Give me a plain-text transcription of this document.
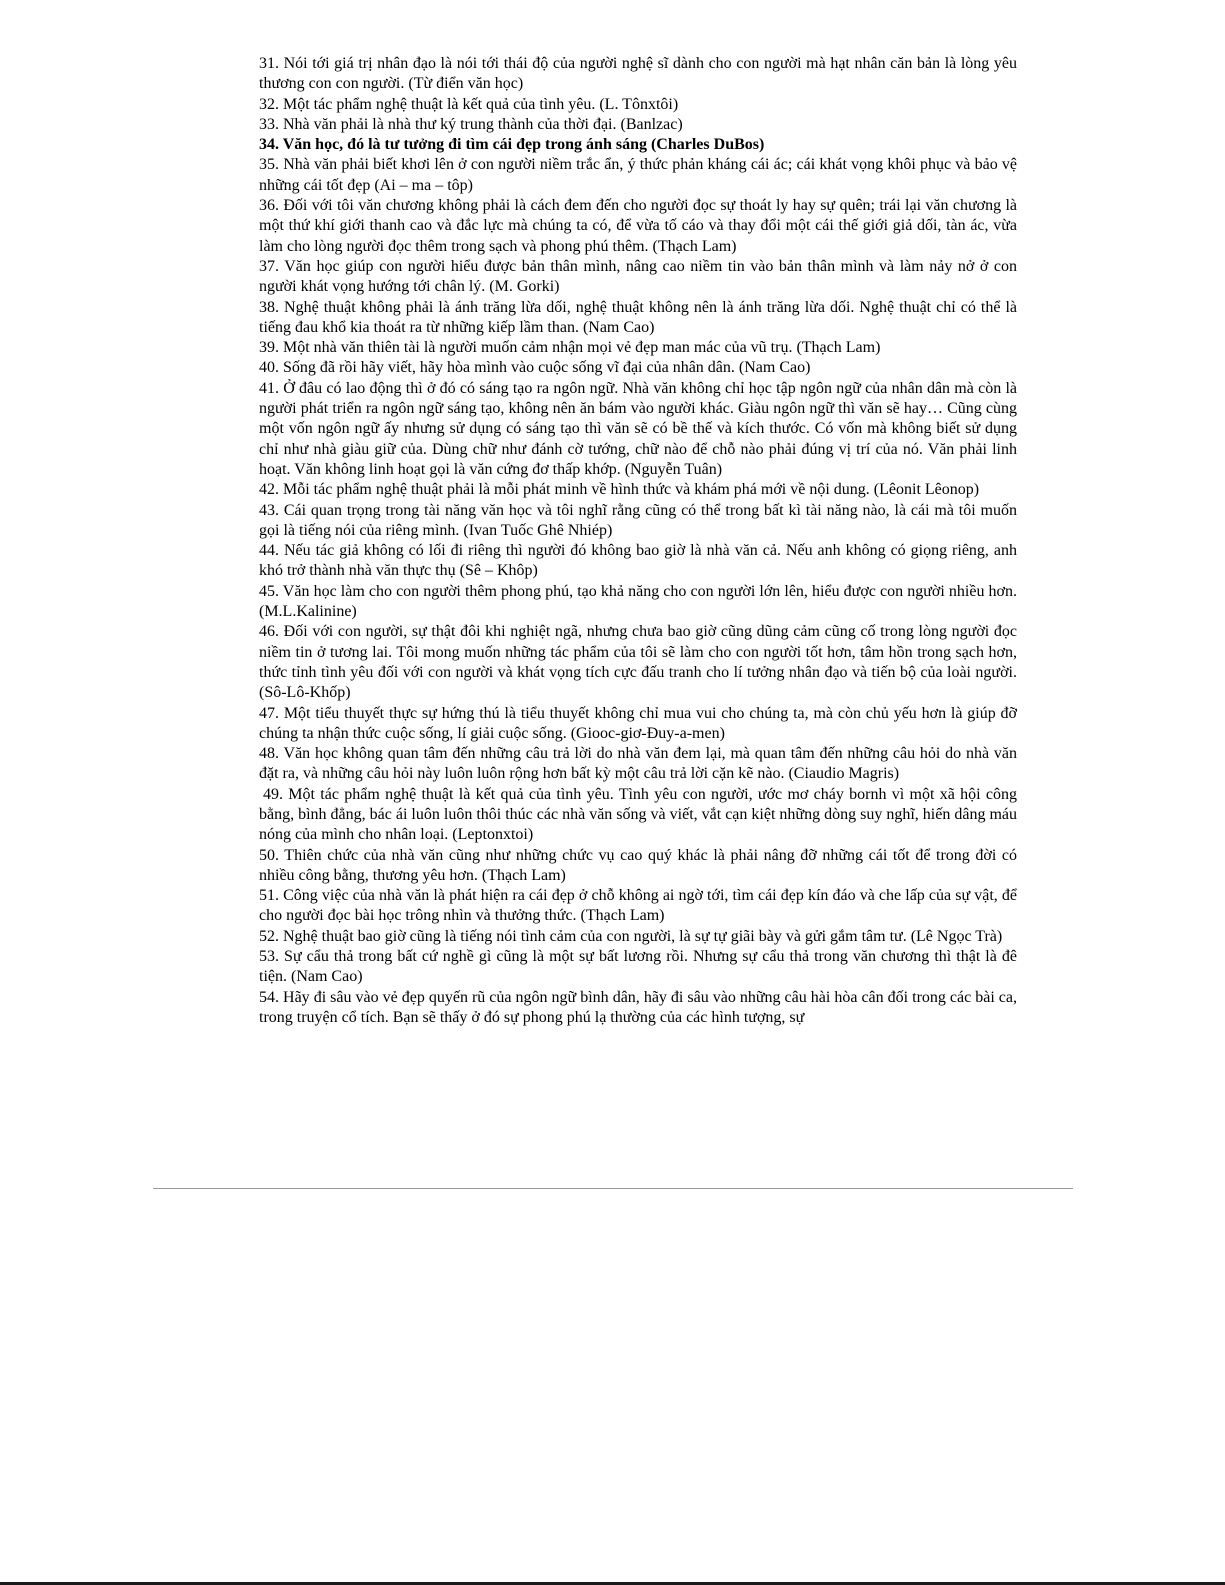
31. Nói tới giá trị nhân đạo là nói tới thái độ của người nghệ sĩ dành cho con người mà hạt nhân căn bản là lòng yêu thương con con người. (Từ điển văn học)

32. Một tác phẩm nghệ thuật là kết quả của tình yêu. (L. Tônxtôi)

33. Nhà văn phải là nhà thư ký trung thành của thời đại. (Banlzac)

34. Văn học, đó là tư tưởng đi tìm cái đẹp trong ánh sáng (Charles DuBos)

35. Nhà văn phải biết khơi lên ở con người niềm trắc ẩn, ý thức phản kháng cái ác; cái khát vọng khôi phục và bảo vệ những cái tốt đẹp (Ai – ma – tôp)

36. Đối với tôi văn chương không phải là cách đem đến cho người đọc sự thoát ly hay sự quên; trái lại văn chương là một thứ khí giới thanh cao và đắc lực mà chúng ta có, để vừa tố cáo và thay đổi một cái thế giới giả dối, tàn ác, vừa làm cho lòng người đọc thêm trong sạch và phong phú thêm. (Thạch Lam)

37. Văn học giúp con người hiểu được bản thân mình, nâng cao niềm tin vào bản thân mình và làm nảy nở ở con người khát vọng hướng tới chân lý. (M. Gorki)

38. Nghệ thuật không phải là ánh trăng lừa dối, nghệ thuật không nên là ánh trăng lừa dối. Nghệ thuật chỉ có thể là tiếng đau khổ kia thoát ra từ những kiếp lầm than. (Nam Cao)

39. Một nhà văn thiên tài là người muốn cảm nhận mọi vẻ đẹp man mác của vũ trụ. (Thạch Lam)

40. Sống đã rồi hãy viết, hãy hòa mình vào cuộc sống vĩ đại của nhân dân. (Nam Cao)

41. Ở đâu có lao động thì ở đó có sáng tạo ra ngôn ngữ. Nhà văn không chỉ học tập ngôn ngữ của nhân dân mà còn là người phát triển ra ngôn ngữ sáng tạo, không nên ăn bám vào người khác. Giàu ngôn ngữ thì văn sẽ hay… Cũng cùng một vốn ngôn ngữ ấy nhưng sử dụng có sáng tạo thì văn sẽ có bề thế và kích thước. Có vốn mà không biết sử dụng chỉ như nhà giàu giữ của. Dùng chữ như đánh cờ tướng, chữ nào để chỗ nào phải đúng vị trí của nó. Văn phải linh hoạt. Văn không linh hoạt gọi là văn cứng đơ thấp khớp. (Nguyễn Tuân)

42. Mỗi tác phẩm nghệ thuật phải là mỗi phát minh về hình thức và khám phá mới về nội dung. (Lêonit Lêonop)

43. Cái quan trọng trong tài năng văn học và tôi nghĩ rằng cũng có thể trong bất kì tài năng nào, là cái mà tôi muốn gọi là tiếng nói của riêng mình. (Ivan Tuốc Ghê Nhiép)

44. Nếu tác giả không có lối đi riêng thì người đó không bao giờ là nhà văn cả. Nếu anh không có giọng riêng, anh khó trở thành nhà văn thực thụ (Sê – Khôp)

45. Văn học làm cho con người thêm phong phú, tạo khả năng cho con người lớn lên, hiểu được con người nhiều hơn. (M.L.Kalinine)

46. Đối với con người, sự thật đôi khi nghiệt ngã, nhưng chưa bao giờ cũng dũng cảm cũng cố trong lòng người đọc niềm tin ở tương lai. Tôi mong muốn những tác phẩm của tôi sẽ làm cho con người tốt hơn, tâm hồn trong sạch hơn, thức tỉnh tình yêu đối với con người và khát vọng tích cực đấu tranh cho lí tưởng nhân đạo và tiến bộ của loài người. (Sô-Lô-Khốp)

47. Một tiểu thuyết thực sự hứng thú là tiểu thuyết không chỉ mua vui cho chúng ta, mà còn chủ yếu hơn là giúp đỡ chúng ta nhận thức cuộc sống, lí giải cuộc sống. (Giooc-giơ-Đuy-a-men)

48. Văn học không quan tâm đến những câu trả lời do nhà văn đem lại, mà quan tâm đến những câu hỏi do nhà văn đặt ra, và những câu hỏi này luôn luôn rộng hơn bất kỳ một câu trả lời cặn kẽ nào. (Ciaudio Magris)

49. Một tác phẩm nghệ thuật là kết quả của tình yêu. Tình yêu con người, ước mơ cháy bornh vì một xã hội công bằng, bình đẳng, bác ái luôn luôn thôi thúc các nhà văn sống và viết, vắt cạn kiệt những dòng suy nghĩ, hiến dâng máu nóng của mình cho nhân loại. (Leptonxtoi)

50. Thiên chức của nhà văn cũng như những chức vụ cao quý khác là phải nâng đỡ những cái tốt để trong đời có nhiều công bằng, thương yêu hơn. (Thạch Lam)

51. Công việc của nhà văn là phát hiện ra cái đẹp ở chỗ không ai ngờ tới, tìm cái đẹp kín đáo và che lấp của sự vật, để cho người đọc bài học trông nhìn và thưởng thức. (Thạch Lam)

52. Nghệ thuật bao giờ cũng là tiếng nói tình cảm của con người, là sự tự giãi bày và gửi gắm tâm tư. (Lê Ngọc Trà)

53. Sự cẩu thả trong bất cứ nghề gì cũng là một sự bất lương rồi. Nhưng sự cẩu thả trong văn chương thì thật là đê tiện. (Nam Cao)

54. Hãy đi sâu vào vẻ đẹp quyến rũ của ngôn ngữ bình dân, hãy đi sâu vào những câu hài hòa cân đối trong các bài ca, trong truyện cổ tích. Bạn sẽ thấy ở đó sự phong phú lạ thường của các hình tượng, sự
